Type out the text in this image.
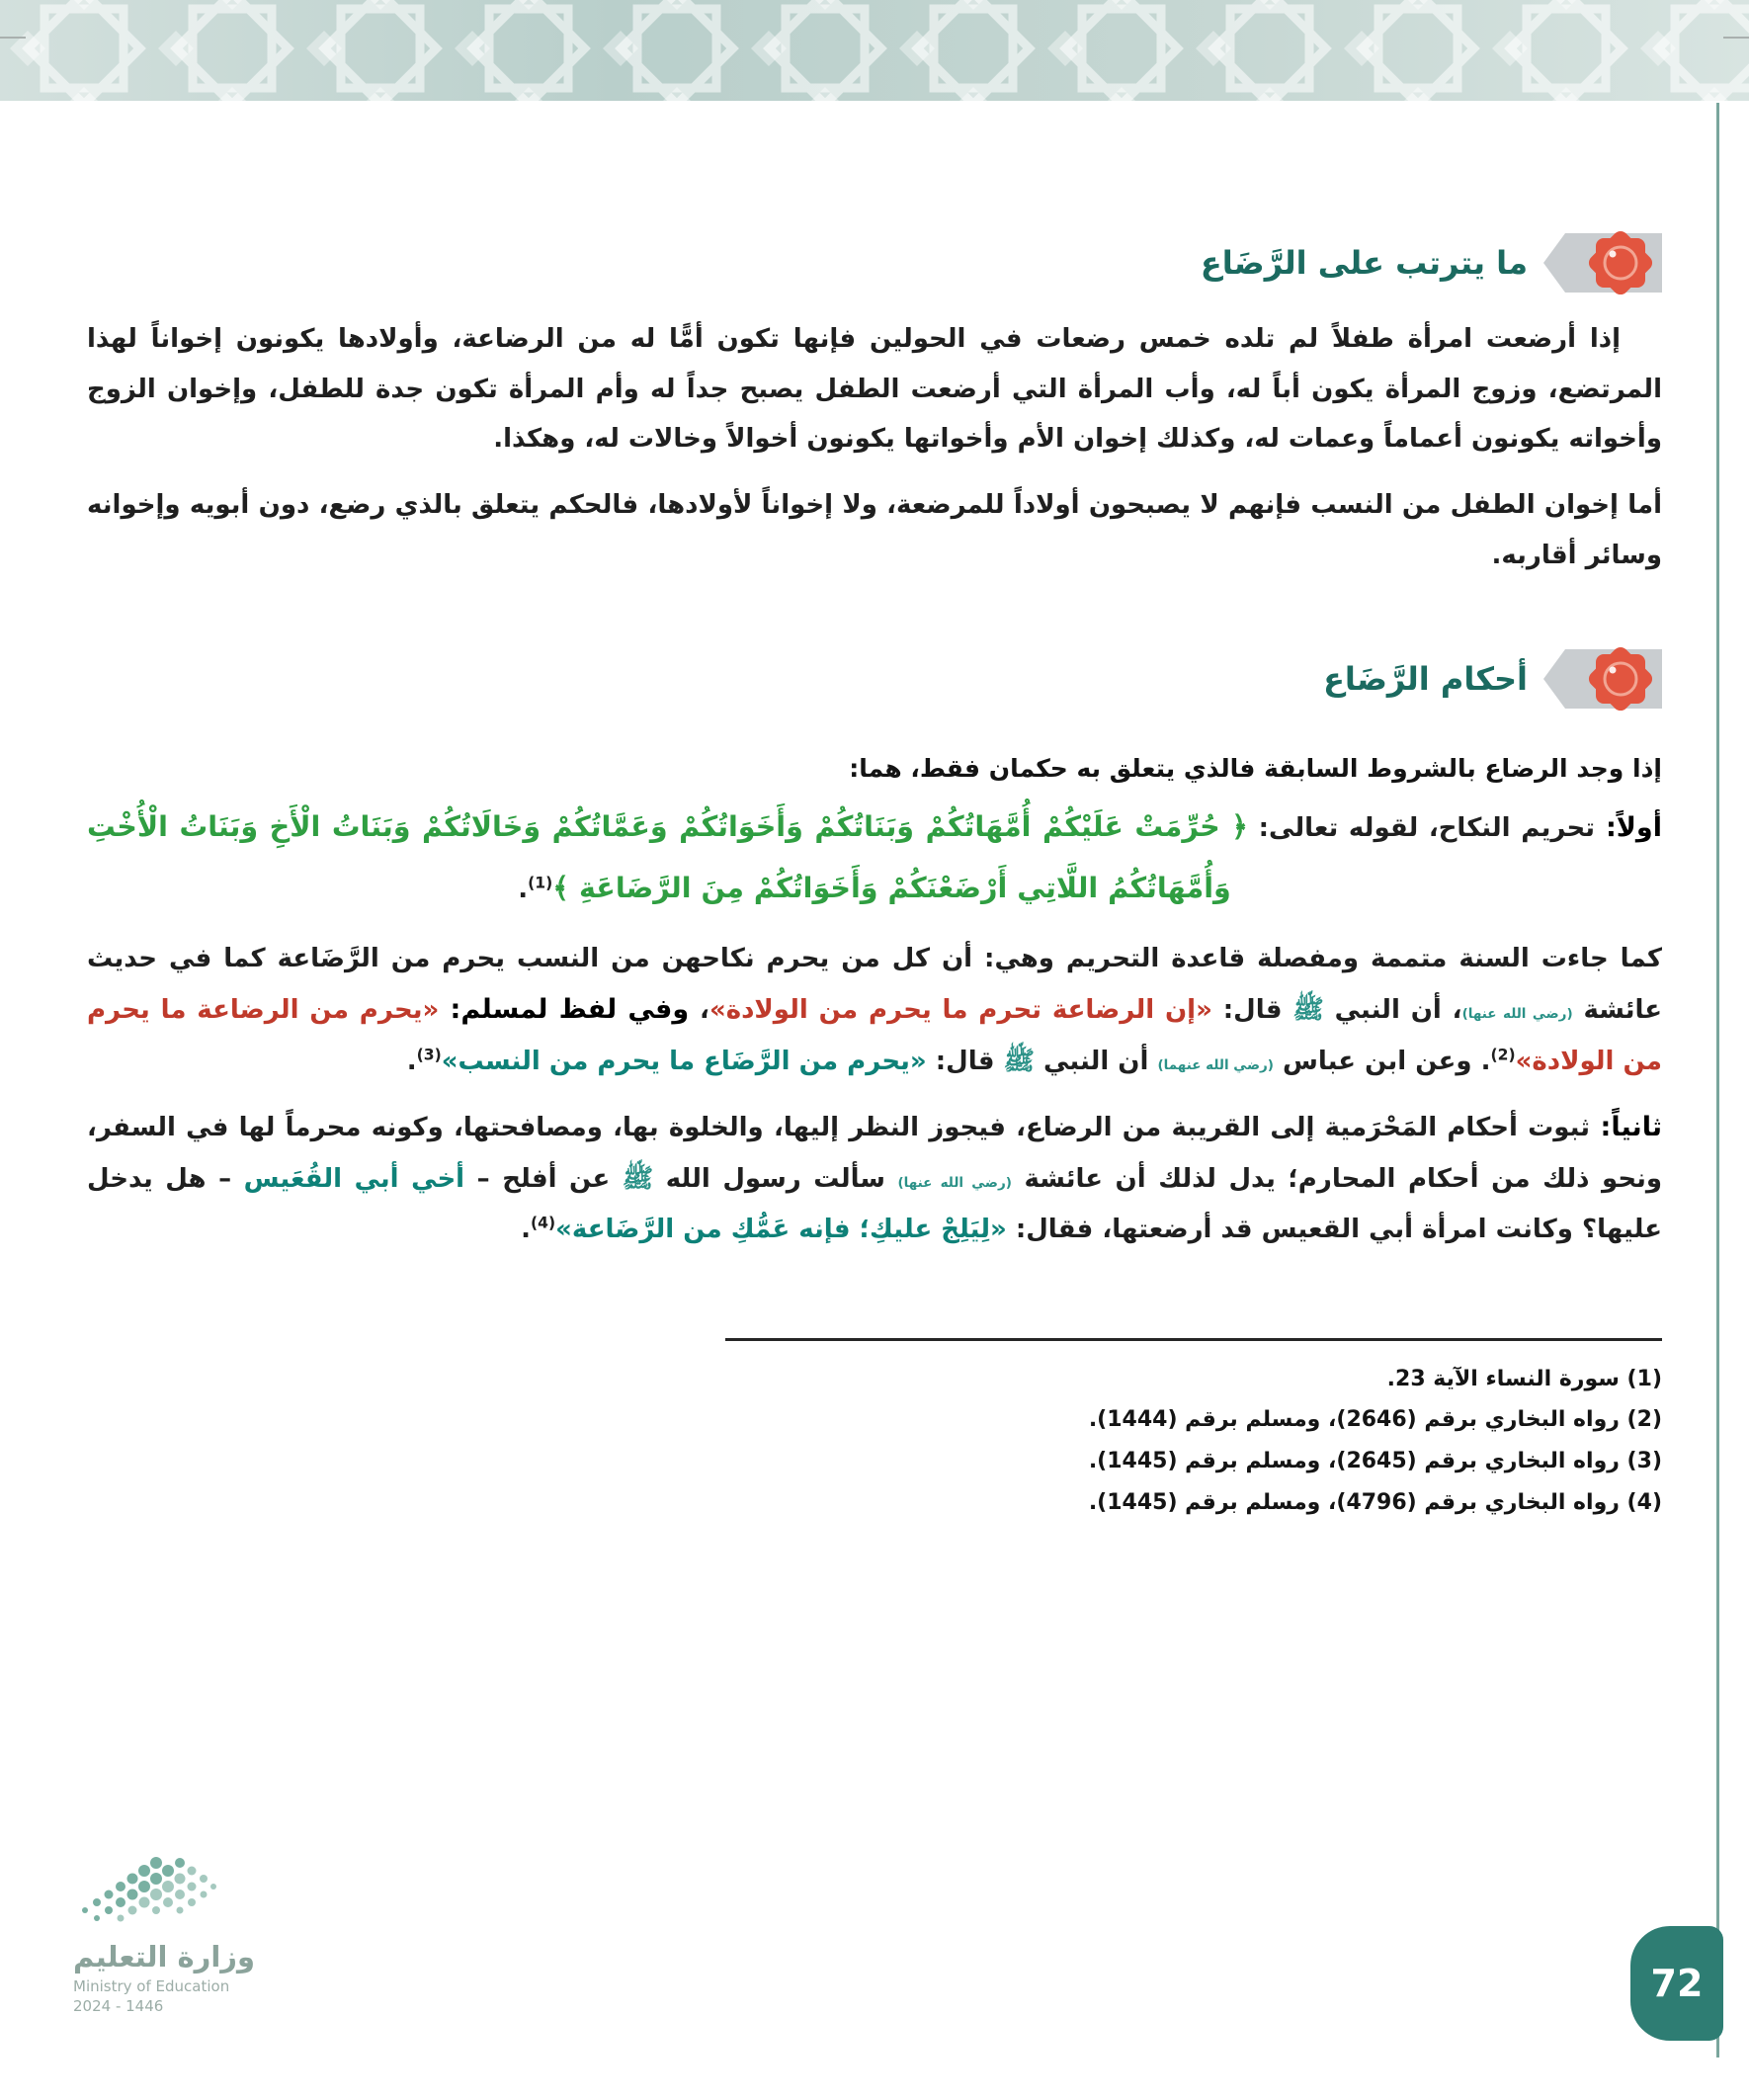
ما يترتب على الرَّضَاع

إذا أرضعت امرأة طفلاً لم تلده خمس رضعات في الحولين فإنها تكون أمًّا له من الرضاعة، وأولادها يكونون إخواناً لهذا المرتضع، وزوج المرأة يكون أباً له، وأب المرأة التي أرضعت الطفل يصبح جداً له وأم المرأة تكون جدة للطفل، وإخوان الزوج وأخواته يكونون أعماماً وعمات له، وكذلك إخوان الأم وأخواتها يكونون أخوالاً وخالات له، وهكذا.

أما إخوان الطفل من النسب فإنهم لا يصبحون أولاداً للمرضعة، ولا إخواناً لأولادها، فالحكم يتعلق بالذي رضع، دون أبويه وإخوانه وسائر أقاربه.

أحكام الرَّضَاع

إذا وجد الرضاع بالشروط السابقة فالذي يتعلق به حكمان فقط، هما:

أولاً: تحريم النكاح، لقوله تعالى: ﴿ حُرِّمَتْ عَلَيْكُمْ أُمَّهَاتُكُمْ وَبَنَاتُكُمْ وَأَخَوَاتُكُمْ وَعَمَّاتُكُمْ وَخَالَاتُكُمْ وَبَنَاتُ الْأَخِ وَبَنَاتُ الْأُخْتِ وَأُمَّهَاتُكُمُ اللَّاتِي أَرْضَعْنَكُمْ وَأَخَوَاتُكُمْ مِنَ الرَّضَاعَةِ ﴾$^{(1)}$.

كما جاءت السنة متممة ومفصلة قاعدة التحريم وهي: أن كل من يحرم نكاحهن من النسب يحرم من الرَّضَاعة كما في حديث عائشة (رضي الله عنها)، أن النبي ﷺ قال: «إن الرضاعة تحرم ما يحرم من الولادة»، وفي لفظ لمسلم: «يحرم من الرضاعة ما يحرم من الولادة»$^{(2)}$. وعن ابن عباس (رضي الله عنهما) أن النبي ﷺ قال: «يحرم من الرَّضَاع ما يحرم من النسب»$^{(3)}$.

ثانياً: ثبوت أحكام المَحْرَمية إلى القريبة من الرضاع، فيجوز النظر إليها، والخلوة بها، ومصافحتها، وكونه محرماً لها في السفر، ونحو ذلك من أحكام المحارم؛ يدل لذلك أن عائشة (رضي الله عنها) سألت رسول الله ﷺ عن أفلح – أخي أبي القُعَيس – هل يدخل عليها؟ وكانت امرأة أبي القعيس قد أرضعتها، فقال: «لِيَلِجْ عليكِ؛ فإنه عَمُّكِ من الرَّضَاعة»$^{(4)}$.

(1) سورة النساء الآية 23.
(2) رواه البخاري برقم (2646)، ومسلم برقم (1444).
(3) رواه البخاري برقم (2645)، ومسلم برقم (1445).
(4) رواه البخاري برقم (4796)، ومسلم برقم (1445).
وزارة التعليم
Ministry of Education
2024 - 1446
72
